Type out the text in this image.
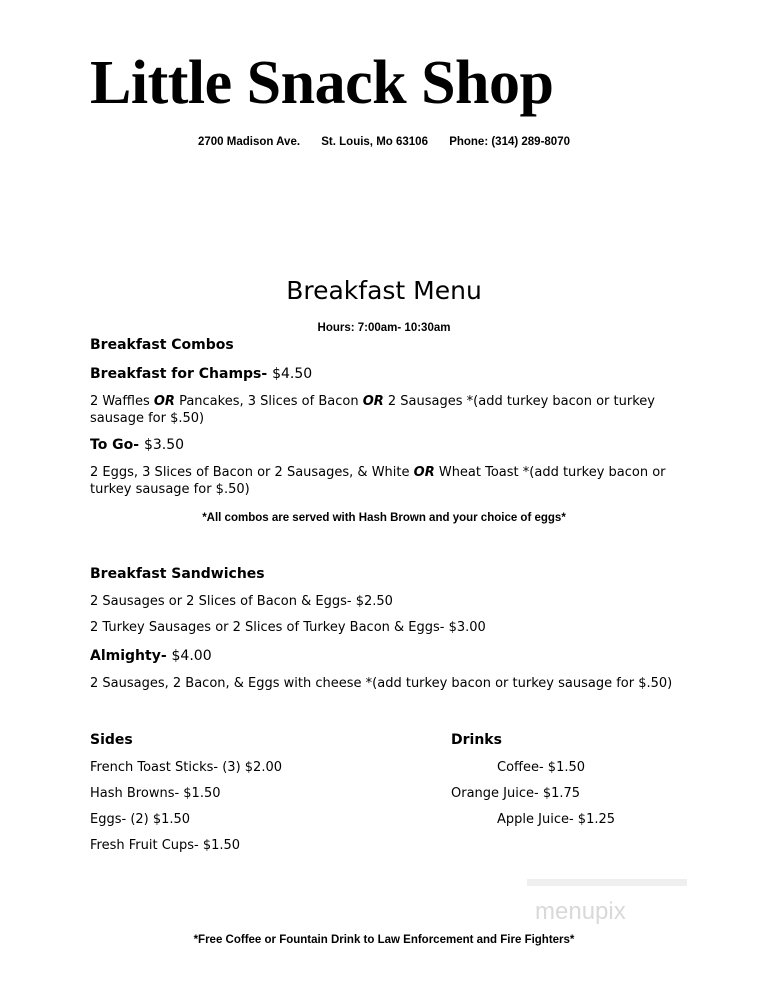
Little Snack Shop
2700 Madison Ave. St. Louis, Mo 63106 Phone: (314) 289-8070
Breakfast Menu
Hours: 7:00am- 10:30am
Breakfast Combos
Breakfast for Champs- $4.50
2 Waffles OR Pancakes, 3 Slices of Bacon OR 2 Sausages *(add turkey bacon or turkey sausage for $.50)
To Go- $3.50
2 Eggs, 3 Slices of Bacon or 2 Sausages, & White OR Wheat Toast *(add turkey bacon or turkey sausage for $.50)
*All combos are served with Hash Brown and your choice of eggs*
Breakfast Sandwiches
2 Sausages or 2 Slices of Bacon & Eggs- $2.50
2 Turkey Sausages or 2 Slices of Turkey Bacon & Eggs- $3.00
Almighty- $4.00
2 Sausages, 2 Bacon, & Eggs with cheese *(add turkey bacon or turkey sausage for $.50)
Sides
French Toast Sticks- (3) $2.00
Hash Browns- $1.50
Eggs- (2) $1.50
Fresh Fruit Cups- $1.50
Drinks
Coffee- $1.50
Orange Juice- $1.75
Apple Juice- $1.25
menupix
*Free Coffee or Fountain Drink to Law Enforcement and Fire Fighters*
